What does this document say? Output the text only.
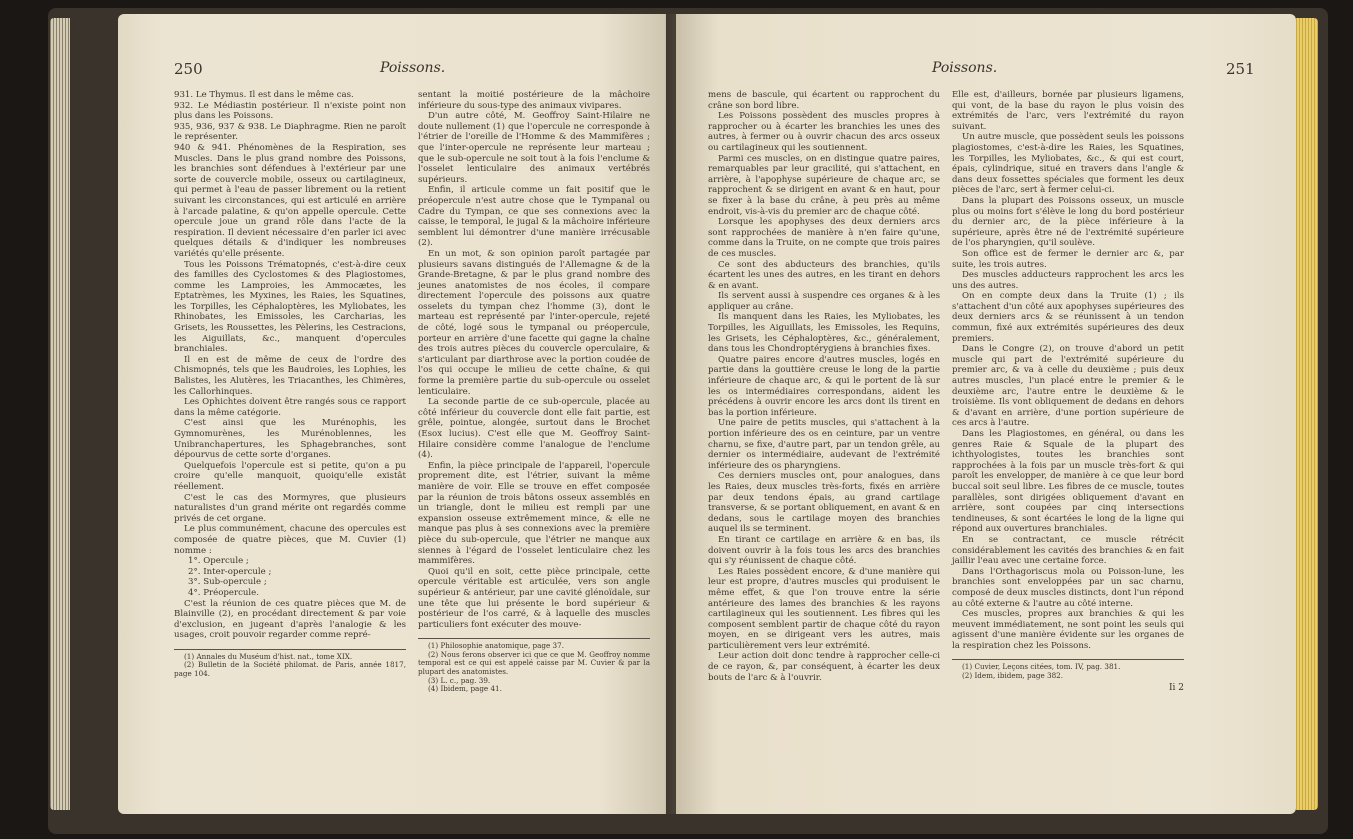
250	Poissons.

931. Le Thymus. Il est dans le même cas.

932. Le Médiastin postérieur. Il n'existe point non plus dans les Poissons.

935, 936, 937 & 938. Le Diaphragme. Rien ne paroît le représenter.

940 & 941. Phénomènes de la Respiration, ses Muscles. Dans le plus grand nombre des Poissons, les branchies sont défendues à l'extérieur par une sorte de couvercle mobile, osseux ou cartilagineux, qui permet à l'eau de passer librement ou la retient suivant les circonstances, qui est articulé en arrière à l'arcade palatine, & qu'on appelle opercule. Cette opercule joue un grand rôle dans l'acte de la respiration. Il devient nécessaire d'en parler ici avec quelques détails & d'indiquer les nombreuses variétés qu'elle présente.

Tous les Poissons Trématopnés, c'est-à-dire ceux des familles des Cyclostomes & des Plagiostomes, comme les Lamproies, les Ammocætes, les Eptatrèmes, les Myxines, les Raies, les Squatines, les Torpilles, les Céphaloptères, les Myliobates, les Rhinobates, les Emissoles, les Carcharias, les Grisets, les Roussettes, les Pèlerins, les Cestracions, les Aiguillats, &c., manquent d'opercules branchiales.

Il en est de même de ceux de l'ordre des Chismopnés, tels que les Baudroies, les Lophies, les Balistes, les Alutères, les Triacanthes, les Chimères, les Callorhinques.

Les Ophichtes doivent être rangés sous ce rapport dans la même catégorie.

C'est ainsi que les Murénophis, les Gymnomurènes, les Murénoblennes, les Unibranchapertures, les Sphagebranches, sont dépourvus de cette sorte d'organes.

Quelquefois l'opercule est si petite, qu'on a pu croire qu'elle manquoit, quoiqu'elle existât réellement.

C'est le cas des Mormyres, que plusieurs naturalistes d'un grand mérite ont regardés comme privés de cet organe.

Le plus communément, chacune des opercules est composée de quatre pièces, que M. Cuvier (1) nomme :

1°. Opercule ;

2°. Inter-opercule ;

3°. Sub-opercule ;

4°. Préopercule.

C'est la réunion de ces quatre pièces que M. de Blainville (2), en procédant directement & par voie d'exclusion, en jugeant d'après l'analogie & les usages, croit pouvoir regarder comme repré-

(1) Annales du Muséum d'hist. nat., tome XIX.

(2) Bulletin de la Société philomat. de Paris, année 1817, page 104.

sentant la moitié postérieure de la mâchoire inférieure du sous-type des animaux vivipares.

D'un autre côté, M. Geoffroy Saint-Hilaire ne doute nullement (1) que l'opercule ne corresponde à l'étrier de l'oreille de l'Homme & des Mammifères ; que l'inter-opercule ne représente leur marteau ; que le sub-opercule ne soit tout à la fois l'enclume & l'osselet lenticulaire des animaux vertébrés supérieurs.

Enfin, il articule comme un fait positif que le préopercule n'est autre chose que le Tympanal ou Cadre du Tympan, ce que ses connexions avec la caisse, le temporal, le jugal & la mâchoire inférieure semblent lui démontrer d'une manière irrécusable (2).

En un mot, & son opinion paroît partagée par plusieurs savans distingués de l'Allemagne & de la Grande-Bretagne, & par le plus grand nombre des jeunes anatomistes de nos écoles, il compare directement l'opercule des poissons aux quatre osselets du tympan chez l'homme (3), dont le marteau est représenté par l'inter-opercule, rejeté de côté, logé sous le tympanal ou préopercule, porteur en arrière d'une facette qui gagne la chaîne des trois autres pièces du couvercle operculaire, & s'articulant par diarthrose avec la portion coudée de l'os qui occupe le milieu de cette chaîne, & qui forme la première partie du sub-opercule ou osselet lenticulaire.

La seconde partie de ce sub-opercule, placée au côté inférieur du couvercle dont elle fait partie, est grêle, pointue, alongée, surtout dans le Brochet (Esox lucius). C'est elle que M. Geoffroy Saint-Hilaire considère comme l'analogue de l'enclume (4).

Enfin, la pièce principale de l'appareil, l'opercule proprement dite, est l'étrier, suivant la même manière de voir. Elle se trouve en effet composée par la réunion de trois bâtons osseux assemblés en un triangle, dont le milieu est rempli par une expansion osseuse extrêmement mince, & elle ne manque pas plus à ses connexions avec la première pièce du sub-opercule, que l'étrier ne manque aux siennes à l'égard de l'osselet lenticulaire chez les mammifères.

Quoi qu'il en soit, cette pièce principale, cette opercule véritable est articulée, vers son angle supérieur & antérieur, par une cavité glénoïdale, sur une tête que lui présente le bord supérieur & postérieur de l'os carré, & à laquelle des muscles particuliers font exécuter des mouve-

(1) Philosophie anatomique, page 37.

(2) Nous ferons observer ici que ce que M. Geoffroy nomme temporal est ce qui est appelé caisse par M. Cuvier & par la plupart des anatomistes.

(3) L. c., pag. 39.

(4) Ibidem, page 41.

Poissons.	251

mens de bascule, qui écartent ou rapprochent du crâne son bord libre.

Les Poissons possèdent des muscles propres à rapprocher ou à écarter les branchies les unes des autres, à fermer ou à ouvrir chacun des arcs osseux ou cartilagineux qui les soutiennent.

Parmi ces muscles, on en distingue quatre paires, remarquables par leur gracilité, qui s'attachent, en arrière, à l'apophyse supérieure de chaque arc, se rapprochent & se dirigent en avant & en haut, pour se fixer à la base du crâne, à peu près au même endroit, vis-à-vis du premier arc de chaque côté.

Lorsque les apophyses des deux derniers arcs sont rapprochées de manière à n'en faire qu'une, comme dans la Truite, on ne compte que trois paires de ces muscles.

Ce sont des abducteurs des branchies, qu'ils écartent les unes des autres, en les tirant en dehors & en avant.

Ils servent aussi à suspendre ces organes & à les appliquer au crâne.

Ils manquent dans les Raies, les Myliobates, les Torpilles, les Aiguillats, les Emissoles, les Requins, les Grisets, les Céphaloptères, &c., généralement, dans tous les Chondroptérygiens à branchies fixes.

Quatre paires encore d'autres muscles, logés en partie dans la gouttière creuse le long de la partie inférieure de chaque arc, & qui le portent de là sur les os intermédiaires correspondans, aident les précédens à ouvrir encore les arcs dont ils tirent en bas la portion inférieure.

Une paire de petits muscles, qui s'attachent à la portion inférieure des os en ceinture, par un ventre charnu, se fixe, d'autre part, par un tendon grêle, au dernier os intermédiaire, audevant de l'extrémité inférieure des os pharyngiens.

Ces derniers muscles ont, pour analogues, dans les Raies, deux muscles très-forts, fixés en arrière par deux tendons épais, au grand cartilage transverse, & se portant obliquement, en avant & en dedans, sous le cartilage moyen des branchies auquel ils se terminent.

En tirant ce cartilage en arrière & en bas, ils doivent ouvrir à la fois tous les arcs des branchies qui s'y réunissent de chaque côté.

Les Raies possèdent encore, & d'une manière qui leur est propre, d'autres muscles qui produisent le même effet, & que l'on trouve entre la série antérieure des lames des branchies & les rayons cartilagineux qui les soutiennent. Les fibres qui les composent semblent partir de chaque côté du rayon moyen, en se dirigeant vers les autres, mais particulièrement vers leur extrémité.

Leur action doit donc tendre à rapprocher celle-ci de ce rayon, &, par conséquent, à écarter les deux bouts de l'arc & à l'ouvrir.

Elle est, d'ailleurs, bornée par plusieurs ligamens, qui vont, de la base du rayon le plus voisin des extrémités de l'arc, vers l'extrémité du rayon suivant.

Un autre muscle, que possèdent seuls les poissons plagiostomes, c'est-à-dire les Raies, les Squatines, les Torpilles, les Myliobates, &c., & qui est court, épais, cylindrique, situé en travers dans l'angle & dans deux fossettes spéciales que forment les deux pièces de l'arc, sert à fermer celui-ci.

Dans la plupart des Poissons osseux, un muscle plus ou moins fort s'élève le long du bord postérieur du dernier arc, de la pièce inférieure à la supérieure, après être né de l'extrémité supérieure de l'os pharyngien, qu'il soulève.

Son office est de fermer le dernier arc &, par suite, les trois autres.

Des muscles adducteurs rapprochent les arcs les uns des autres.

On en compte deux dans la Truite (1) ; ils s'attachent d'un côté aux apophyses supérieures des deux derniers arcs & se réunissent à un tendon commun, fixé aux extrémités supérieures des deux premiers.

Dans le Congre (2), on trouve d'abord un petit muscle qui part de l'extrémité supérieure du premier arc, & va à celle du deuxième ; puis deux autres muscles, l'un placé entre le premier & le deuxième arc, l'autre entre le deuxième & le troisième. Ils vont obliquement de dedans en dehors & d'avant en arrière, d'une portion supérieure de ces arcs à l'autre.

Dans les Plagiostomes, en général, ou dans les genres Raie & Squale de la plupart des ichthyologistes, toutes les branchies sont rapprochées à la fois par un muscle très-fort & qui paroît les envelopper, de manière à ce que leur bord buccal soit seul libre. Les fibres de ce muscle, toutes parallèles, sont dirigées obliquement d'avant en arrière, sont coupées par cinq intersections tendineuses, & sont écartées le long de la ligne qui répond aux ouvertures branchiales.

En se contractant, ce muscle rétrécit considérablement les cavités des branchies & en fait jaillir l'eau avec une certaine force.

Dans l'Orthagoriscus mola ou Poisson-lune, les branchies sont enveloppées par un sac charnu, composé de deux muscles distincts, dont l'un répond au côté externe & l'autre au côté interne.

Ces muscles, propres aux branchies & qui les meuvent immédiatement, ne sont point les seuls qui agissent d'une manière évidente sur les organes de la respiration chez les Poissons.

(1) Cuvier, Leçons citées, tom. IV, pag. 381.

(2) Idem, ibidem, page 382.

Ii 2
